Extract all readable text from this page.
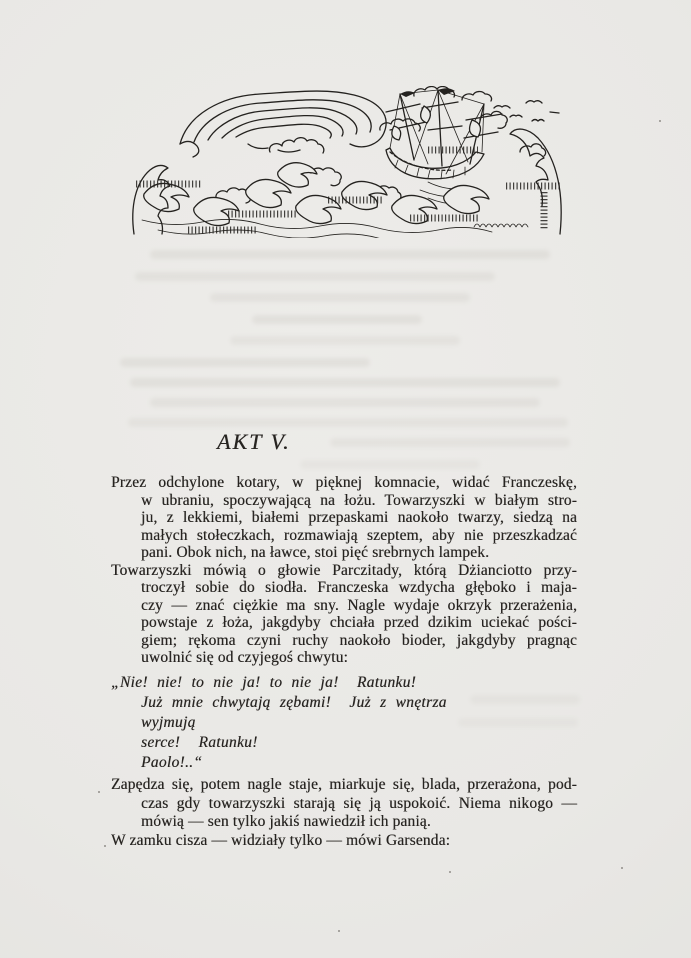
AKT V.
Przez odchylone kotary, w pięknej komnacie, widać Franczeskę,
w ubraniu, spoczywającą na łożu. Towarzyszki w białym stro-
ju, z lekkiemi, białemi przepaskami naokoło twarzy, siedzą na
małych stołeczkach, rozmawiają szeptem, aby nie przeszkadzać
pani. Obok nich, na ławce, stoi pięć srebrnych lampek.
Towarzyszki mówią o głowie Parczitady, którą Dżianciotto przy-
troczył sobie do siodła. Franczeska wzdycha głęboko i maja-
czy — znać ciężkie ma sny. Nagle wydaje okrzyk przerażenia,
powstaje z łoża, jakgdyby chciała przed dzikim uciekać pości-
giem; rękoma czyni ruchy naokoło bioder, jakgdyby pragnąc
uwolnić się od czyjegoś chwytu:
„Nie! nie! to nie ja! to nie ja!  Ratunku!
Już mnie chwytają zębami!  Już z wnętrza
wyjmują
serce!  Ratunku!
Paolo!..“
Zapędza się, potem nagle staje, miarkuje się, blada, przerażona, pod-
czas gdy towarzyszki starają się ją uspokoić. Niema nikogo —
mówią — sen tylko jakiś nawiedził ich panią.
W zamku cisza — widziały tylko — mówi Garsenda:
